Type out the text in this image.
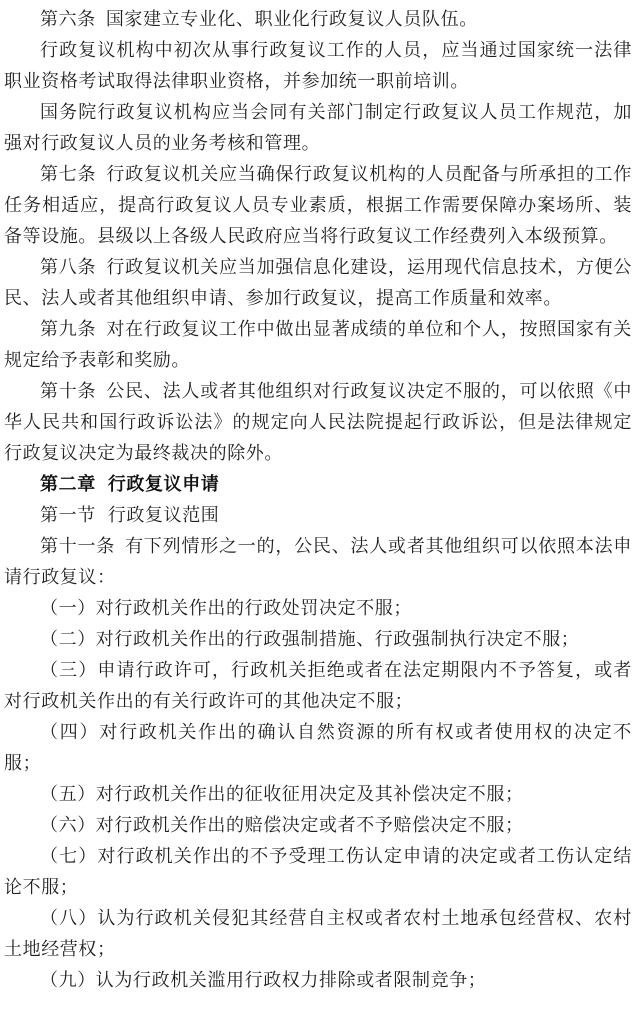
第六条 国家建立专业化、职业化行政复议人员队伍。

行政复议机构中初次从事行政复议工作的人员，应当通过国家统一法律职业资格考试取得法律职业资格，并参加统一职前培训。

国务院行政复议机构应当会同有关部门制定行政复议人员工作规范，加强对行政复议人员的业务考核和管理。

第七条 行政复议机关应当确保行政复议机构的人员配备与所承担的工作任务相适应，提高行政复议人员专业素质，根据工作需要保障办案场所、装备等设施。县级以上各级人民政府应当将行政复议工作经费列入本级预算。

第八条 行政复议机关应当加强信息化建设，运用现代信息技术，方便公民、法人或者其他组织申请、参加行政复议，提高工作质量和效率。

第九条 对在行政复议工作中做出显著成绩的单位和个人，按照国家有关规定给予表彰和奖励。

第十条 公民、法人或者其他组织对行政复议决定不服的，可以依照《中华人民共和国行政诉讼法》的规定向人民法院提起行政诉讼，但是法律规定行政复议决定为最终裁决的除外。

第二章 行政复议申请

第一节 行政复议范围

第十一条 有下列情形之一的，公民、法人或者其他组织可以依照本法申请行政复议：

（一）对行政机关作出的行政处罚决定不服；

（二）对行政机关作出的行政强制措施、行政强制执行决定不服；

（三）申请行政许可，行政机关拒绝或者在法定期限内不予答复，或者对行政机关作出的有关行政许可的其他决定不服；

（四）对行政机关作出的确认自然资源的所有权或者使用权的决定不服；

（五）对行政机关作出的征收征用决定及其补偿决定不服；

（六）对行政机关作出的赔偿决定或者不予赔偿决定不服；

（七）对行政机关作出的不予受理工伤认定申请的决定或者工伤认定结论不服；

（八）认为行政机关侵犯其经营自主权或者农村土地承包经营权、农村土地经营权；

（九）认为行政机关滥用行政权力排除或者限制竞争；
